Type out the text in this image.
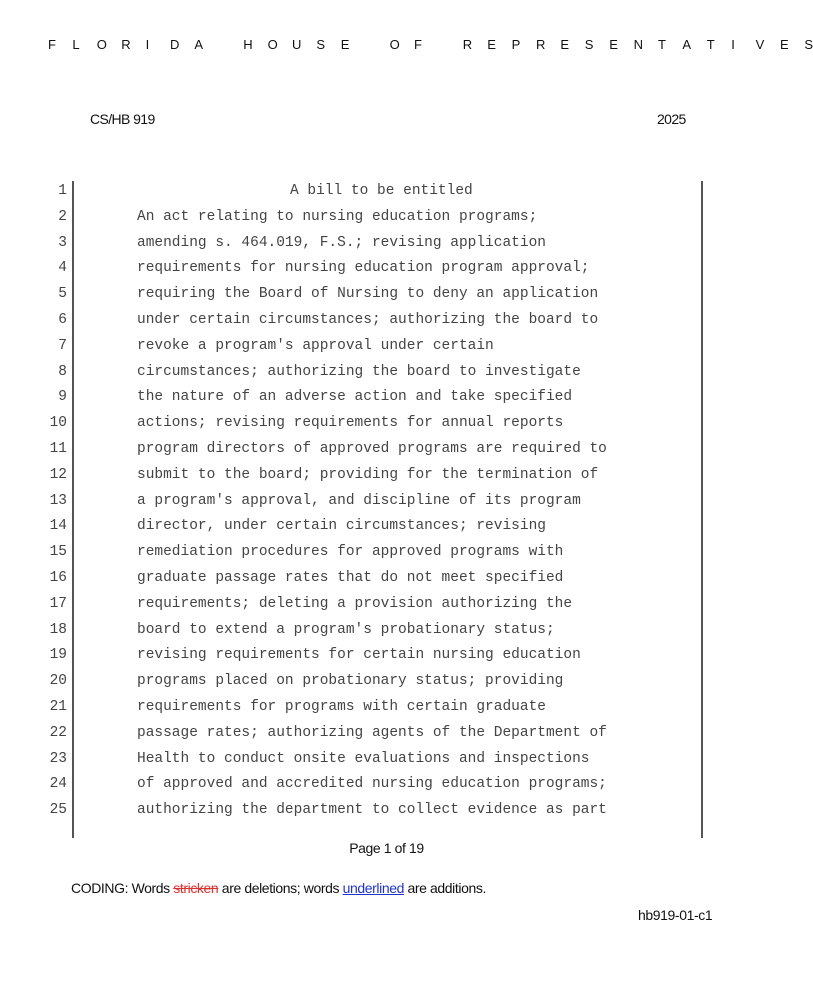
F L O R I D A	H O U S E	O F	R E P R E S E N T A T I V E S
CS/HB 919	2025
1	A bill to be entitled
2	An act relating to nursing education programs;
3	amending s. 464.019, F.S.; revising application
4	requirements for nursing education program approval;
5	requiring the Board of Nursing to deny an application
6	under certain circumstances; authorizing the board to
7	revoke a program's approval under certain
8	circumstances; authorizing the board to investigate
9	the nature of an adverse action and take specified
10	actions; revising requirements for annual reports
11	program directors of approved programs are required to
12	submit to the board; providing for the termination of
13	a program's approval, and discipline of its program
14	director, under certain circumstances; revising
15	remediation procedures for approved programs with
16	graduate passage rates that do not meet specified
17	requirements; deleting a provision authorizing the
18	board to extend a program's probationary status;
19	revising requirements for certain nursing education
20	programs placed on probationary status; providing
21	requirements for programs with certain graduate
22	passage rates; authorizing agents of the Department of
23	Health to conduct onsite evaluations and inspections
24	of approved and accredited nursing education programs;
25	authorizing the department to collect evidence as part
Page 1 of 19
CODING: Words stricken are deletions; words underlined are additions.
hb919-01-c1
